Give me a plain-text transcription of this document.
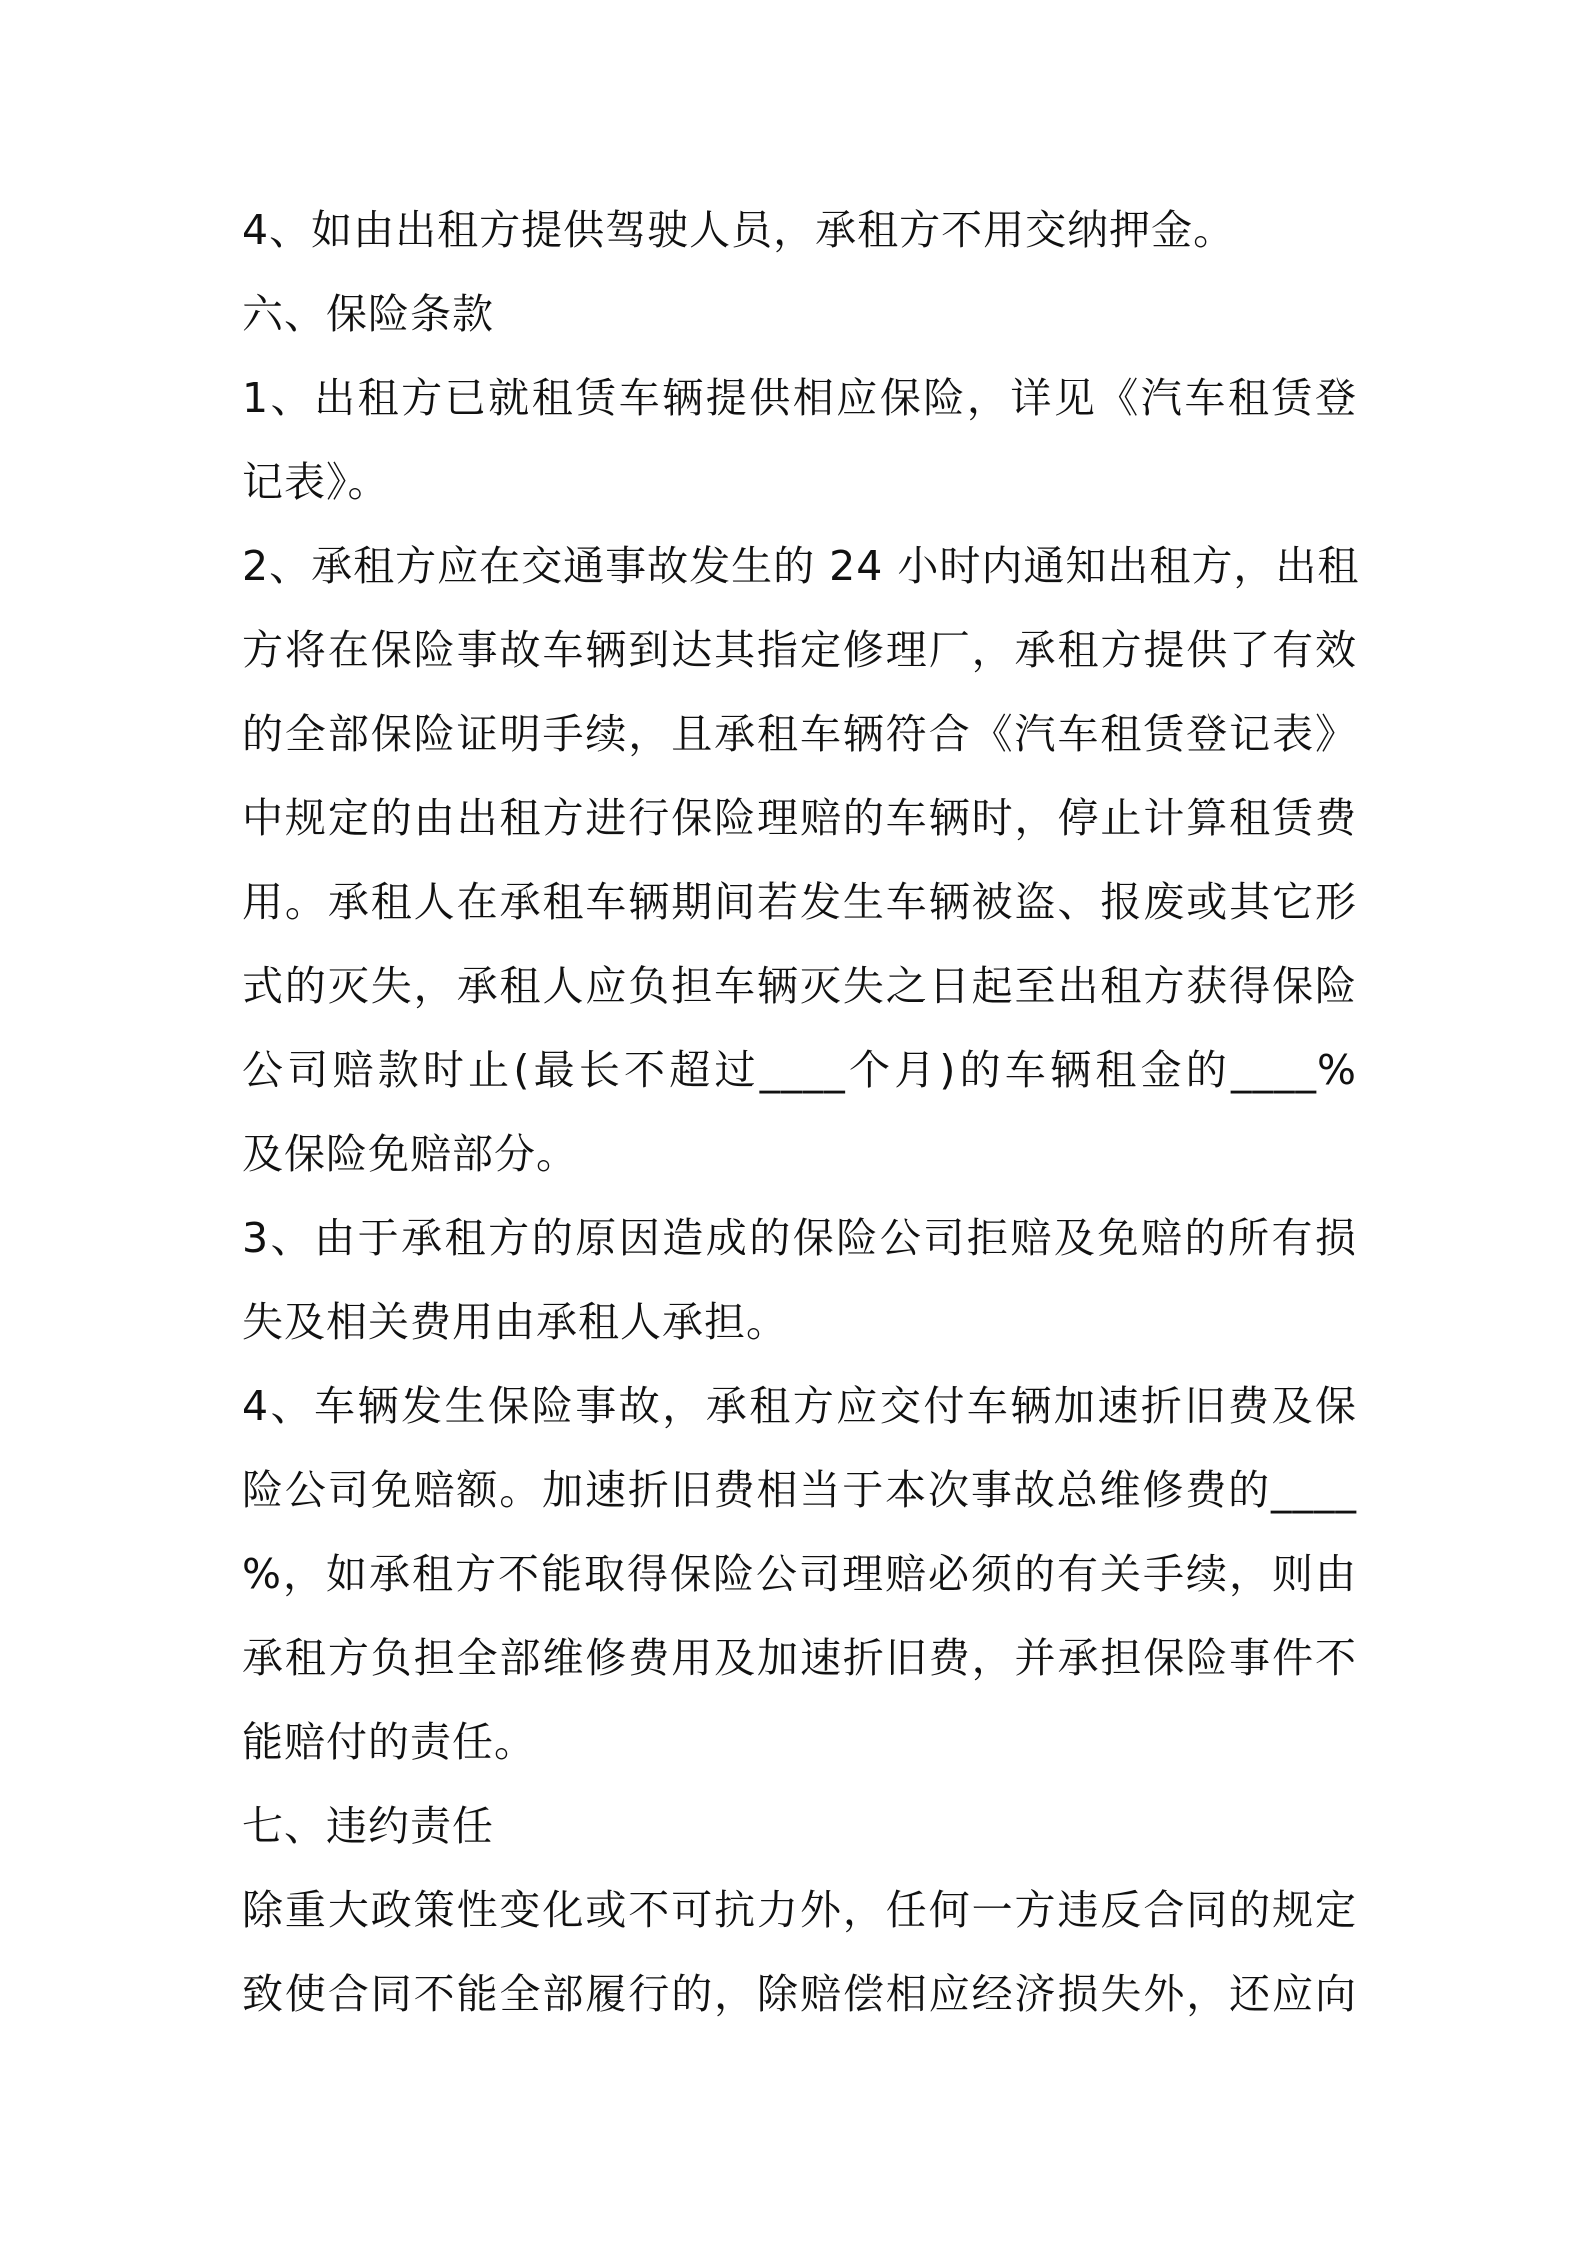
4、如由出租方提供驾驶人员，承租方不用交纳押金。
六、保险条款
1、出租方已就租赁车辆提供相应保险，详见《汽车租赁登
记表》。
2、承租方应在交通事故发生的 24 小时内通知出租方，出租
方将在保险事故车辆到达其指定修理厂，承租方提供了有效
的全部保险证明手续，且承租车辆符合《汽车租赁登记表》
中规定的由出租方进行保险理赔的车辆时，停止计算租赁费
用。承租人在承租车辆期间若发生车辆被盗、报废或其它形
式的灭失，承租人应负担车辆灭失之日起至出租方获得保险
公司赔款时止(最长不超过____个月)的车辆租金的____%
及保险免赔部分。
3、由于承租方的原因造成的保险公司拒赔及免赔的所有损
失及相关费用由承租人承担。
4、车辆发生保险事故，承租方应交付车辆加速折旧费及保
险公司免赔额。加速折旧费相当于本次事故总维修费的____
%，如承租方不能取得保险公司理赔必须的有关手续，则由
承租方负担全部维修费用及加速折旧费，并承担保险事件不
能赔付的责任。
七、违约责任
除重大政策性变化或不可抗力外，任何一方违反合同的规定
致使合同不能全部履行的，除赔偿相应经济损失外，还应向
